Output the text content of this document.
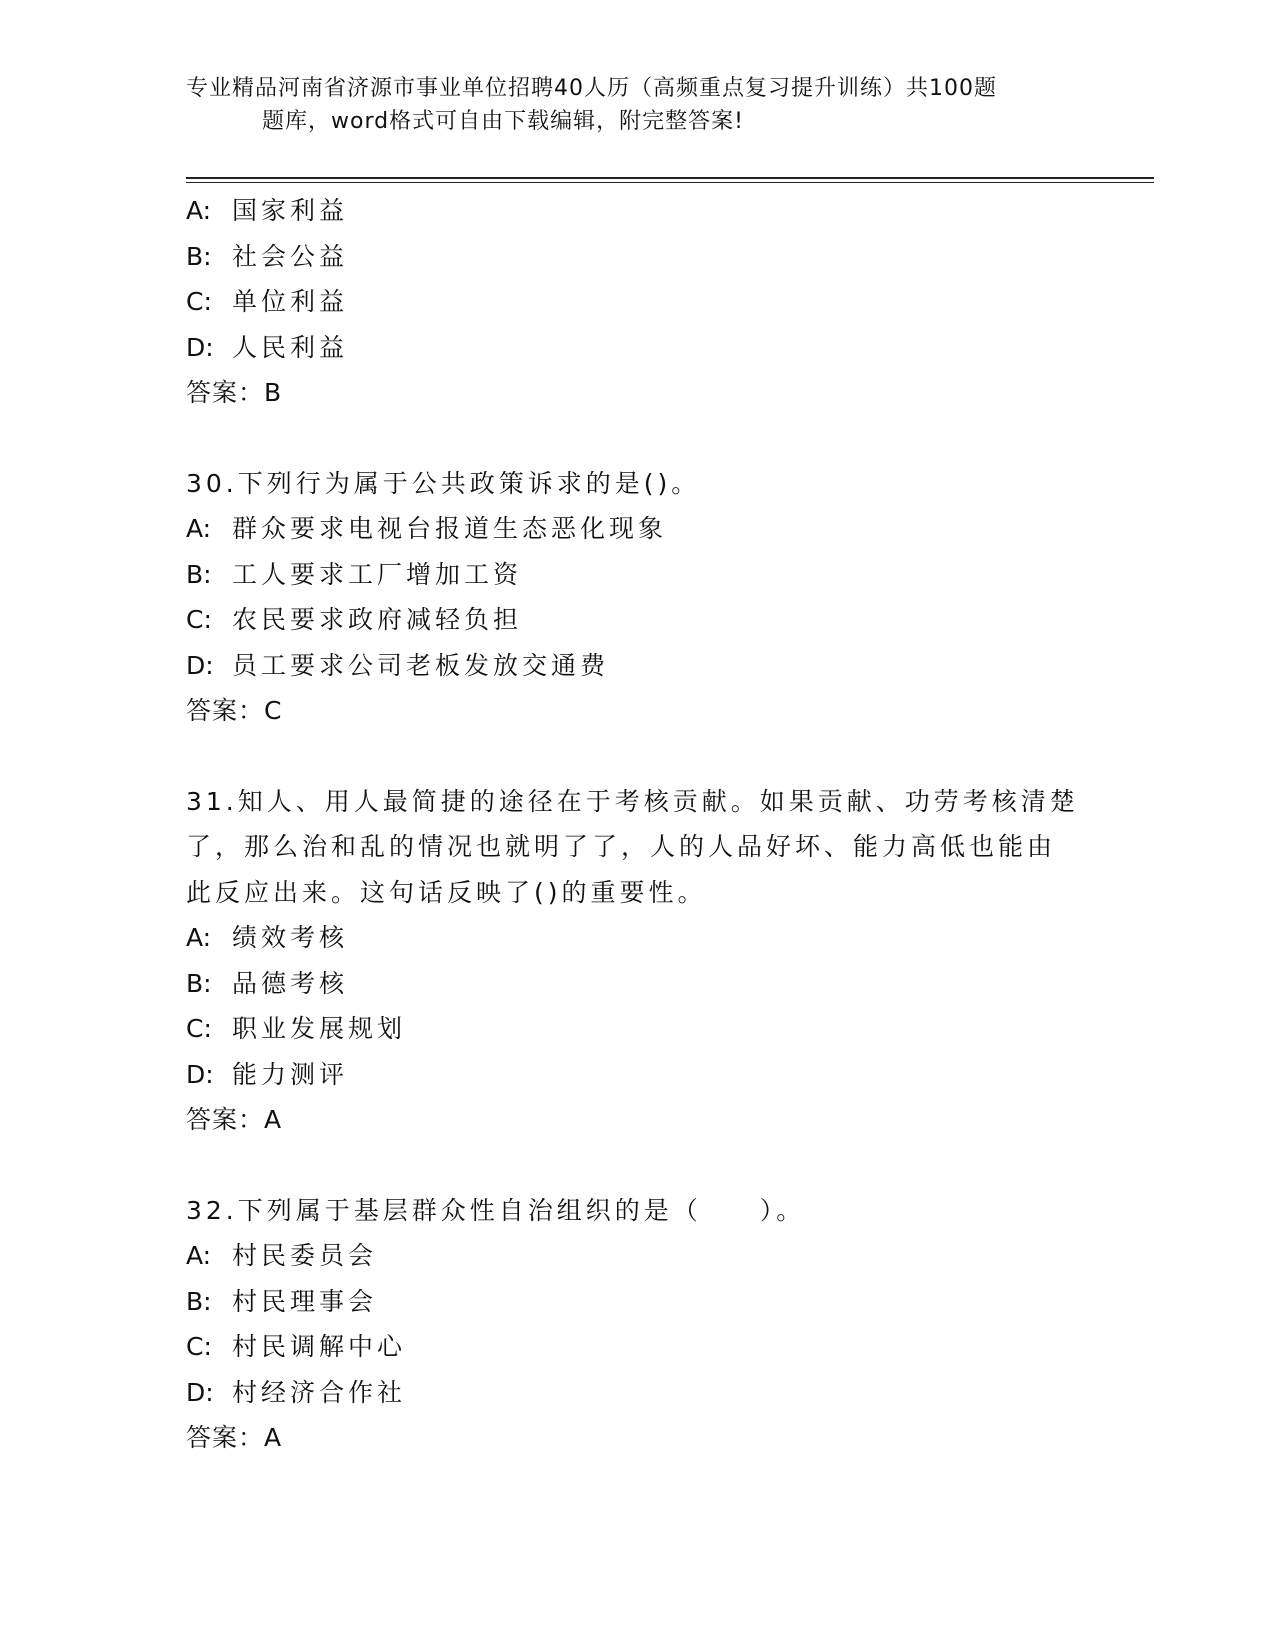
专业精品河南省济源市事业单位招聘40人历（高频重点复习提升训练）共100题
题库，word格式可自由下载编辑，附完整答案!
A: 国家利益
B: 社会公益
C: 单位利益
D: 人民利益
答案：B
30.下列行为属于公共政策诉求的是()。
A: 群众要求电视台报道生态恶化现象
B: 工人要求工厂增加工资
C: 农民要求政府减轻负担
D: 员工要求公司老板发放交通费
答案：C
31.知人、用人最简捷的途径在于考核贡献。如果贡献、功劳考核清楚
了，那么治和乱的情况也就明了了，人的人品好坏、能力高低也能由
此反应出来。这句话反映了()的重要性。
A: 绩效考核
B: 品德考核
C: 职业发展规划
D: 能力测评
答案：A
32.下列属于基层群众性自治组织的是（　　）。
A: 村民委员会
B: 村民理事会
C: 村民调解中心
D: 村经济合作社
答案：A
